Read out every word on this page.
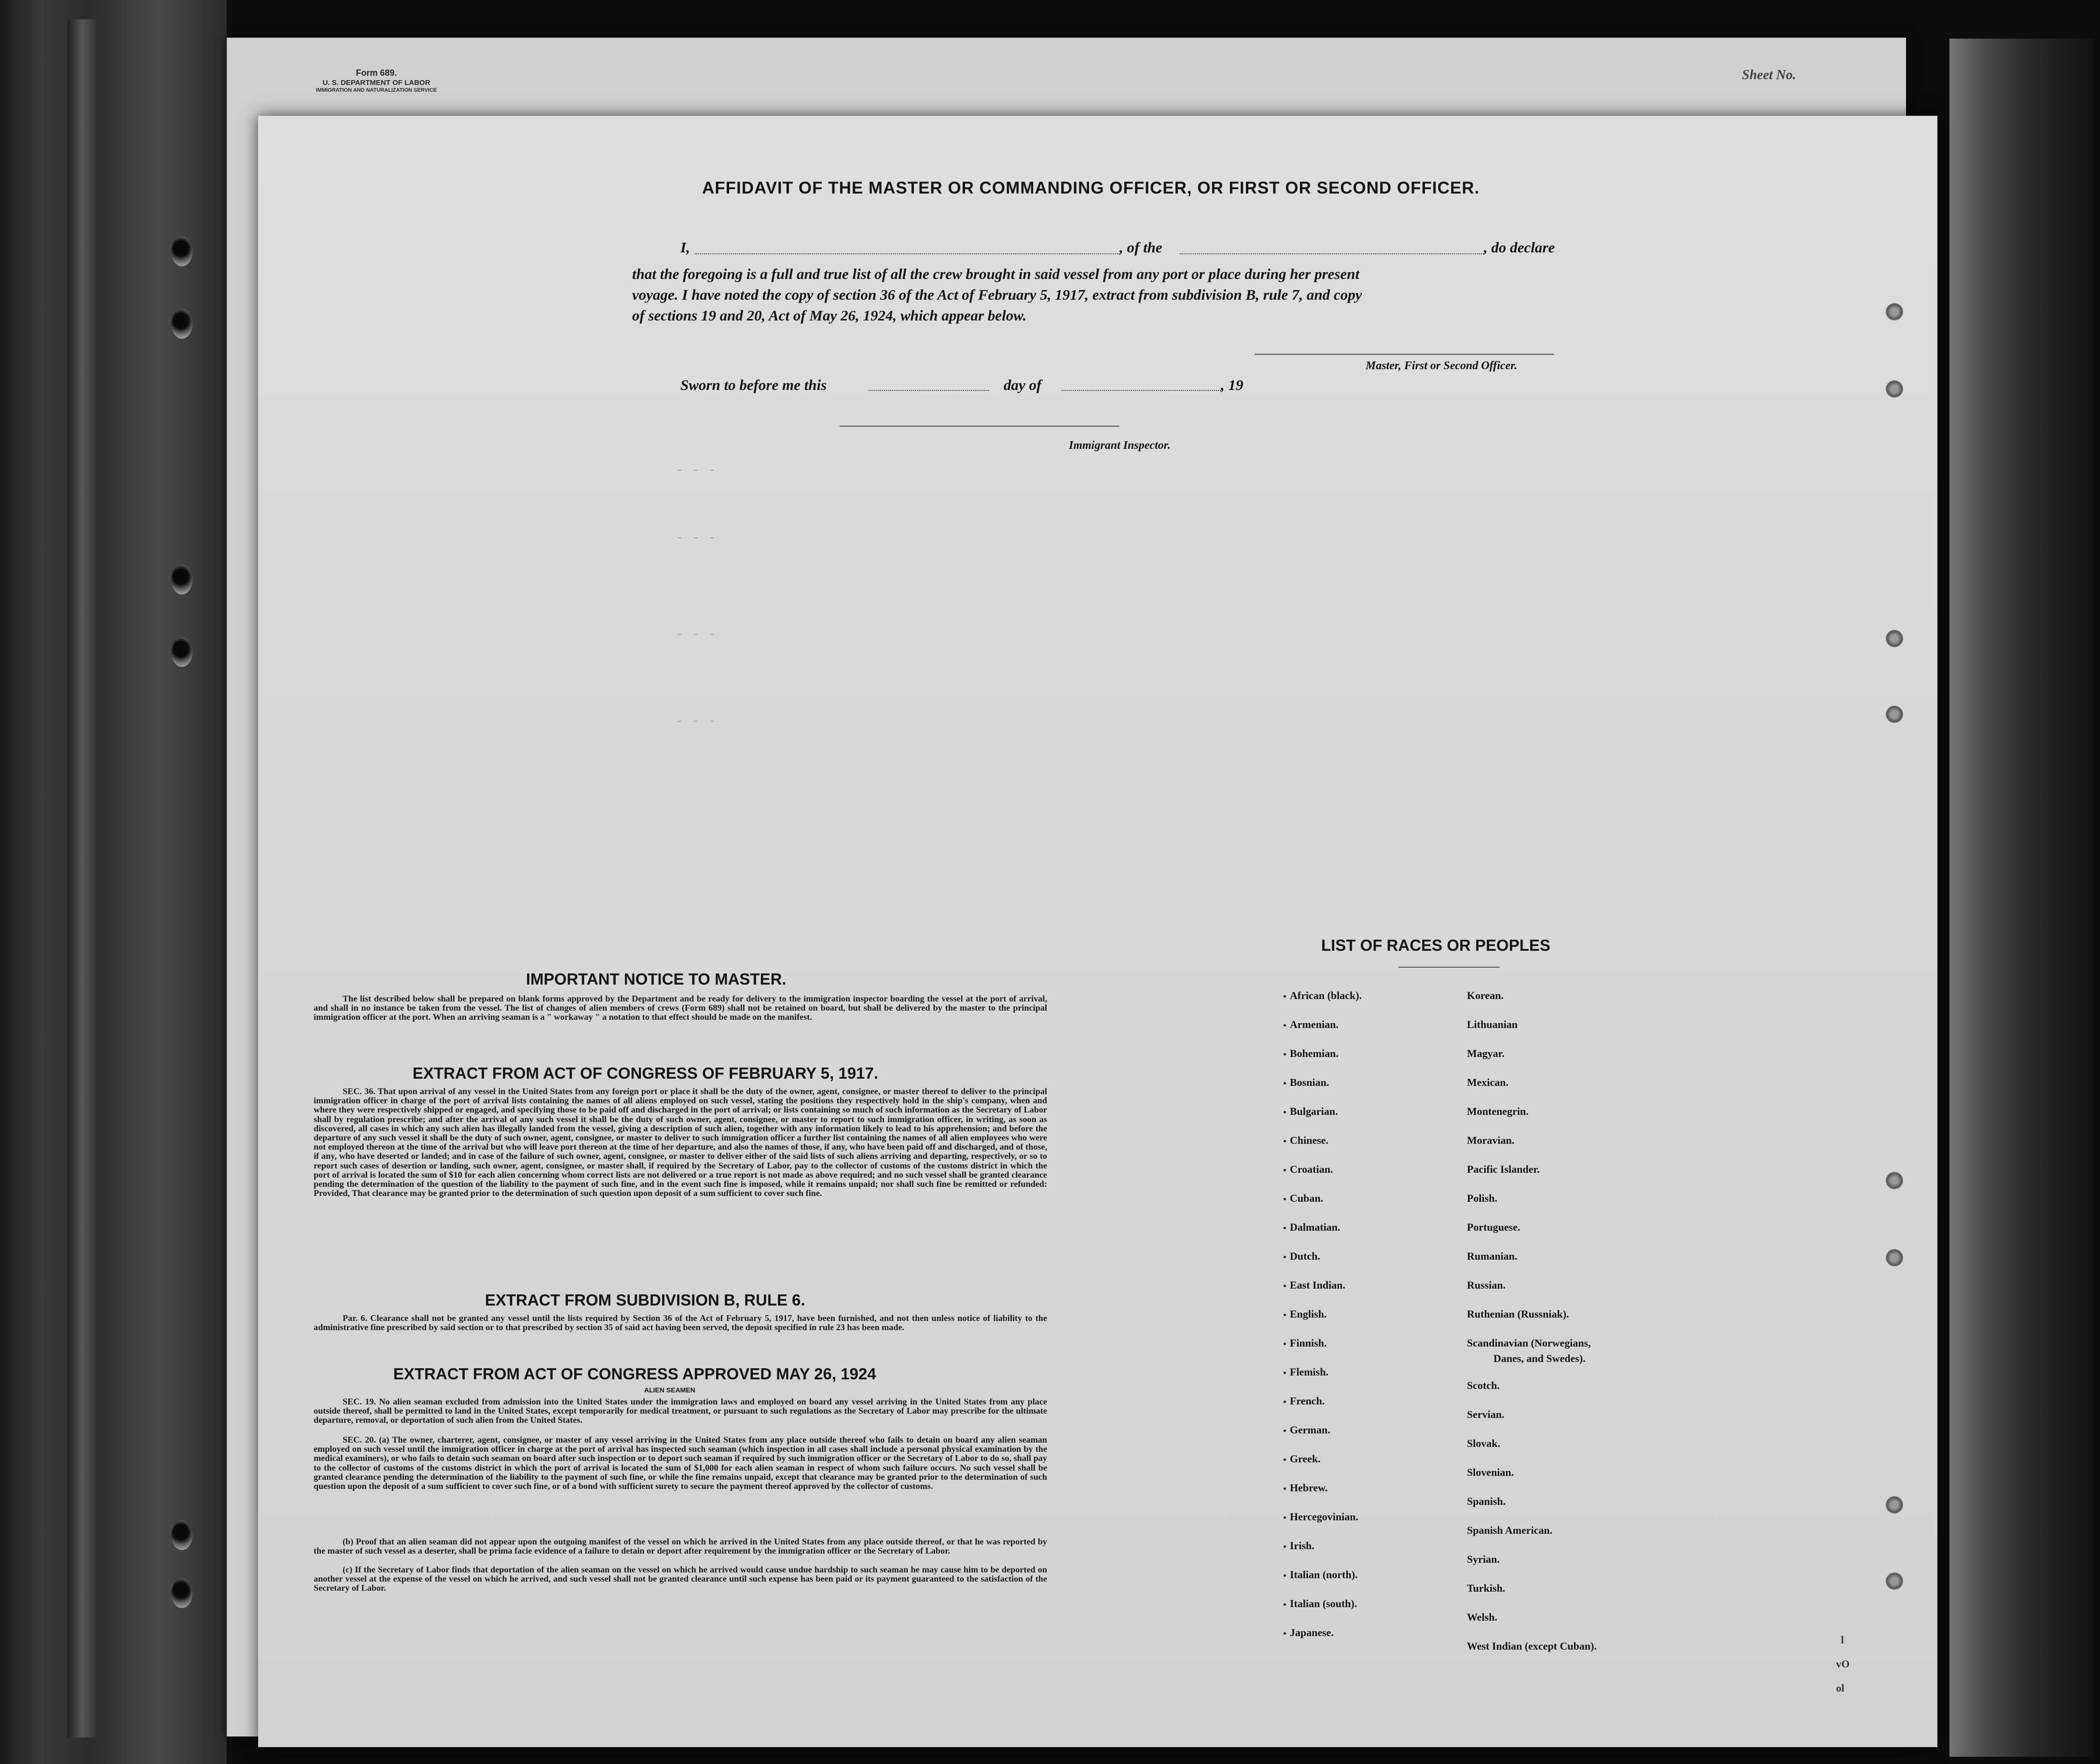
Form 689.
U. S. DEPARTMENT OF LABOR
IMMIGRATION AND NATURALIZATION SERVICE
Sheet No.
- - -
- - -
- - -
- - -
AFFIDAVIT OF THE MASTER OR COMMANDING OFFICER, OR FIRST OR SECOND OFFICER.
I,	, of the	, do declare
that the foregoing is a full and true list of all the crew brought in said vessel from any port or place during her present
voyage. I have noted the copy of section 36 of the Act of February 5, 1917, extract from subdivision B, rule 7, and copy
of sections 19 and 20, Act of May 26, 1924, which appear below.
Master, First or Second Officer.
Sworn to before me this	day of	, 19
Immigrant Inspector.
IMPORTANT NOTICE TO MASTER.
The list described below shall be prepared on blank forms approved by the Department and be ready for delivery to the immigration inspector boarding the vessel at the port of arrival, and shall in no instance be taken from the vessel. The list of changes of alien members of crews (Form 689) shall not be retained on board, but shall be delivered by the master to the principal immigration officer at the port. When an arriving seaman is a " workaway " a notation to that effect should be made on the manifest.
EXTRACT FROM ACT OF CONGRESS OF FEBRUARY 5, 1917.
SEC. 36. That upon arrival of any vessel in the United States from any foreign port or place it shall be the duty of the owner, agent, consignee, or master thereof to deliver to the principal immigration officer in charge of the port of arrival lists containing the names of all aliens employed on such vessel, stating the positions they respectively hold in the ship's company, when and where they were respectively shipped or engaged, and specifying those to be paid off and discharged in the port of arrival; or lists containing so much of such information as the Secretary of Labor shall by regulation prescribe; and after the arrival of any such vessel it shall be the duty of such owner, agent, consignee, or master to report to such immigration officer, in writing, as soon as discovered, all cases in which any such alien has illegally landed from the vessel, giving a description of such alien, together with any information likely to lead to his apprehension; and before the departure of any such vessel it shall be the duty of such owner, agent, consignee, or master to deliver to such immigration officer a further list containing the names of all alien employees who were not employed thereon at the time of the arrival but who will leave port thereon at the time of her departure, and also the names of those, if any, who have been paid off and discharged, and of those, if any, who have deserted or landed; and in case of the failure of such owner, agent, consignee, or master to deliver either of the said lists of such aliens arriving and departing, respectively, or so to report such cases of desertion or landing, such owner, agent, consignee, or master shall, if required by the Secretary of Labor, pay to the collector of customs of the customs district in which the port of arrival is located the sum of $10 for each alien concerning whom correct lists are not delivered or a true report is not made as above required; and no such vessel shall be granted clearance pending the determination of the question of the liability to the payment of such fine, and in the event such fine is imposed, while it remains unpaid; nor shall such fine be remitted or refunded: Provided, That clearance may be granted prior to the determination of such question upon deposit of a sum sufficient to cover such fine.
EXTRACT FROM SUBDIVISION B, RULE 6.
Par. 6. Clearance shall not be granted any vessel until the lists required by Section 36 of the Act of February 5, 1917, have been furnished, and not then unless notice of liability to the administrative fine prescribed by said section or to that prescribed by section 35 of said act having been served, the deposit specified in rule 23 has been made.
EXTRACT FROM ACT OF CONGRESS APPROVED MAY 26, 1924
ALIEN SEAMEN
SEC. 19. No alien seaman excluded from admission into the United States under the immigration laws and employed on board any vessel arriving in the United States from any place outside thereof, shall be permitted to land in the United States, except temporarily for medical treatment, or pursuant to such regulations as the Secretary of Labor may prescribe for the ultimate departure, removal, or deportation of such alien from the United States.
SEC. 20. (a) The owner, charterer, agent, consignee, or master of any vessel arriving in the United States from any place outside thereof who fails to detain on board any alien seaman employed on such vessel until the immigration officer in charge at the port of arrival has inspected such seaman (which inspection in all cases shall include a personal physical examination by the medical examiners), or who fails to detain such seaman on board after such inspection or to deport such seaman if required by such immigration officer or the Secretary of Labor to do so, shall pay to the collector of customs of the customs district in which the port of arrival is located the sum of $1,000 for each alien seaman in respect of whom such failure occurs. No such vessel shall be granted clearance pending the determination of the liability to the payment of such fine, or while the fine remains unpaid, except that clearance may be granted prior to the determination of such question upon the deposit of a sum sufficient to cover such fine, or of a bond with sufficient surety to secure the payment thereof approved by the collector of customs.
(b) Proof that an alien seaman did not appear upon the outgoing manifest of the vessel on which he arrived in the United States from any place outside thereof, or that he was reported by the master of such vessel as a deserter, shall be prima facie evidence of a failure to detain or deport after requirement by the immigration officer or the Secretary of Labor.
(c) If the Secretary of Labor finds that deportation of the alien seaman on the vessel on which he arrived would cause undue hardship to such seaman he may cause him to be deported on another vessel at the expense of the vessel on which he arrived, and such vessel shall not be granted clearance until such expense has been paid or its payment guaranteed to the satisfaction of the Secretary of Labor.
LIST OF RACES OR PEOPLES
African (black).
Armenian.
Bohemian.
Bosnian.
Bulgarian.
Chinese.
Croatian.
Cuban.
Dalmatian.
Dutch.
East Indian.
English.
Finnish.
Flemish.
French.
German.
Greek.
Hebrew.
Hercegovinian.
Irish.
Italian (north).
Italian (south).
Japanese.
Korean.
Lithuanian
Magyar.
Mexican.
Montenegrin.
Moravian.
Pacific Islander.
Polish.
Portuguese.
Rumanian.
Russian.
Ruthenian (Russniak).
Scandinavian (Norwegians,
Scotch.
Servian.
Slovak.
Slovenian.
Spanish.
Spanish American.
Syrian.
Turkish.
Welsh.
West Indian (except Cuban).
Danes, and Swedes).
l
vO
ol
